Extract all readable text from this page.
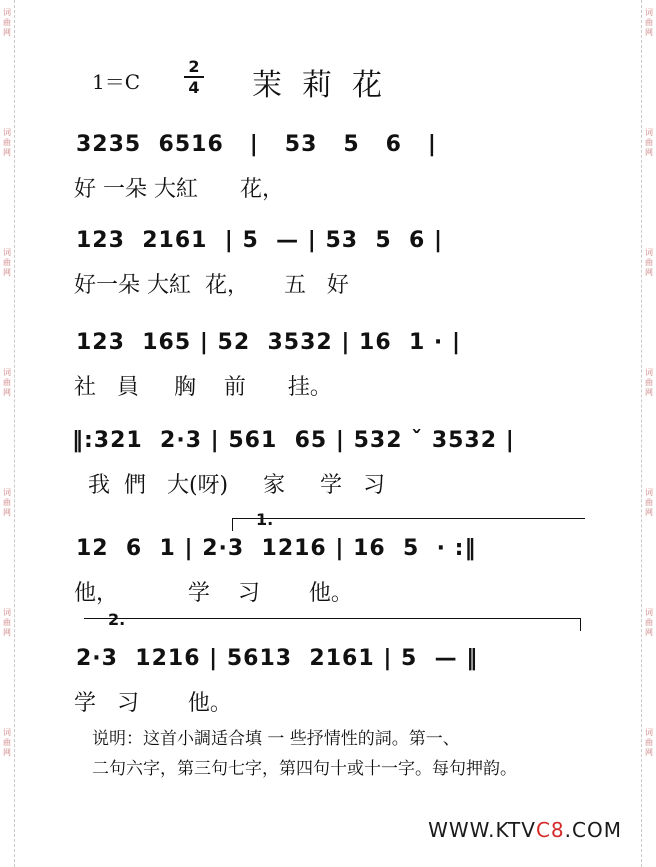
词 曲 网
词 曲 网
词 曲 网
词 曲 网
词 曲 网
词 曲 网
词 曲 网
词 曲 网
词 曲 网
词 曲 网
词 曲 网
词 曲 网
词 曲 网
词 曲 网
1＝C
2
4 茉莉花
3235  6516   |   53   5   6   |
好 一朵 大紅      花，
123  2161  | 5  — | 53  5  6 |
好一朵 大紅  花，     五   好
123  165 | 52  3532 | 16  1 · |
社   員     胸    前      挂。
‖:321  2·3 | 561  65 | 532 ˇ 3532 |
我  們   大(呀)     家     学   习
1.
12  6  1 | 2·3  1216 | 16  5  · :‖
他，          学    习       他。
2.
2·3  1216 | 5613  2161 | 5  — ‖
学   习       他。
说明：这首小調适合填 一 些抒情性的詞。第一、
二句六字，第三句七字，第四句十或十一字。每句押韵。
WWW.KTVC8.COM
